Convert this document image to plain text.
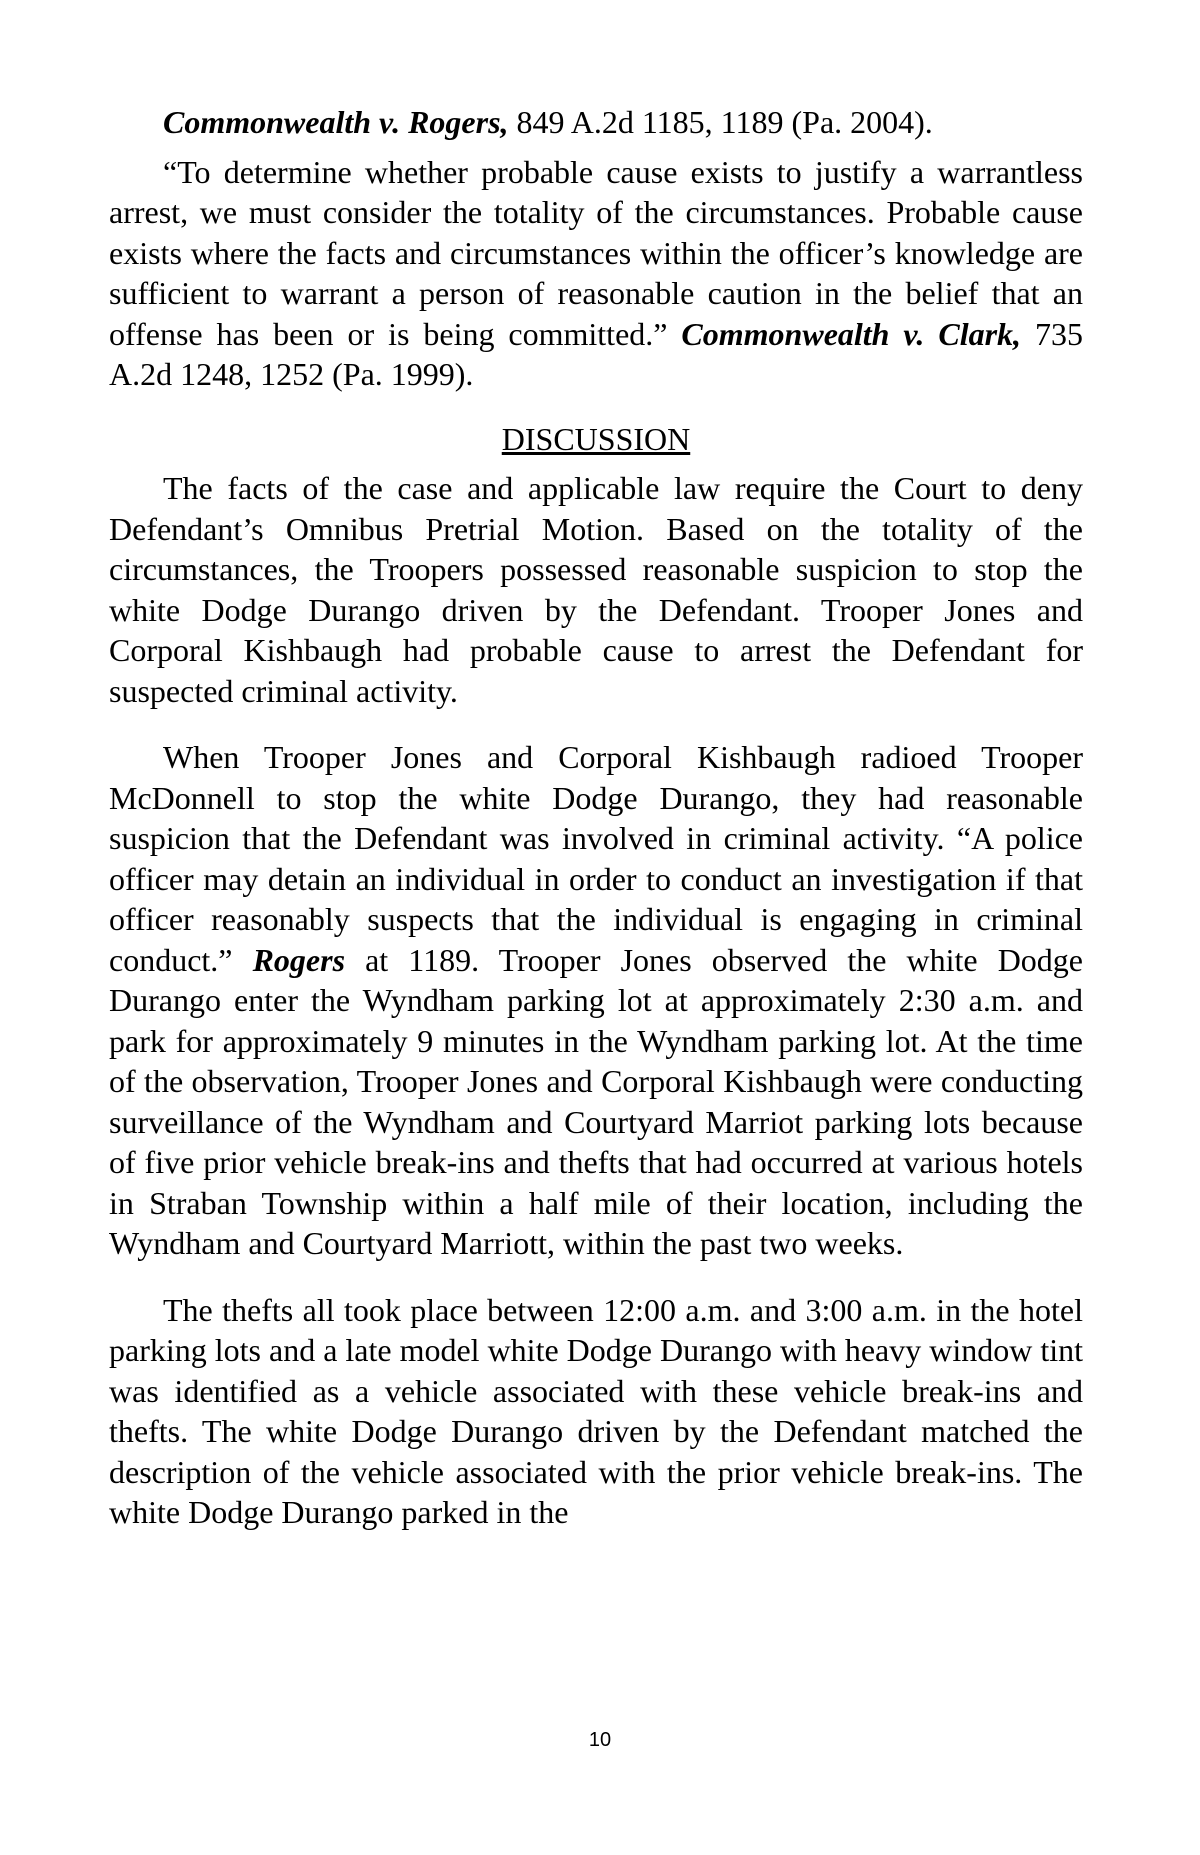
Commonwealth v. Rogers, 849 A.2d 1185, 1189 (Pa. 2004).

“To determine whether probable cause exists to justify a warrantless arrest, we must consider the totality of the circumstances. Probable cause exists where the facts and circumstances within the officer’s knowledge are sufficient to warrant a person of reasonable caution in the belief that an offense has been or is being committed.” Commonwealth v. Clark, 735 A.2d 1248, 1252 (Pa. 1999).

DISCUSSION

The facts of the case and applicable law require the Court to deny Defendant’s Omnibus Pretrial Motion. Based on the totality of the circumstances, the Troopers possessed reasonable suspicion to stop the white Dodge Durango driven by the Defendant. Trooper Jones and Corporal Kishbaugh had probable cause to arrest the Defendant for suspected criminal activity.

When Trooper Jones and Corporal Kishbaugh radioed Trooper McDonnell to stop the white Dodge Durango, they had reasonable suspicion that the Defendant was involved in criminal activity. “A police officer may detain an individual in order to conduct an investigation if that officer reasonably suspects that the individual is engaging in criminal conduct.” Rogers at 1189. Trooper Jones observed the white Dodge Durango enter the Wyndham parking lot at approximately 2:30 a.m. and park for approximately 9 minutes in the Wyndham parking lot. At the time of the observation, Trooper Jones and Corporal Kishbaugh were conducting surveillance of the Wyndham and Courtyard Marriot parking lots because of five prior vehicle break-ins and thefts that had occurred at various hotels in Straban Township within a half mile of their location, including the Wyndham and Courtyard Marriott, within the past two weeks.

The thefts all took place between 12:00 a.m. and 3:00 a.m. in the hotel parking lots and a late model white Dodge Durango with heavy window tint was identified as a vehicle associated with these vehicle break-ins and thefts. The white Dodge Durango driven by the Defendant matched the description of the vehicle associated with the prior vehicle break-ins. The white Dodge Durango parked in the

10
